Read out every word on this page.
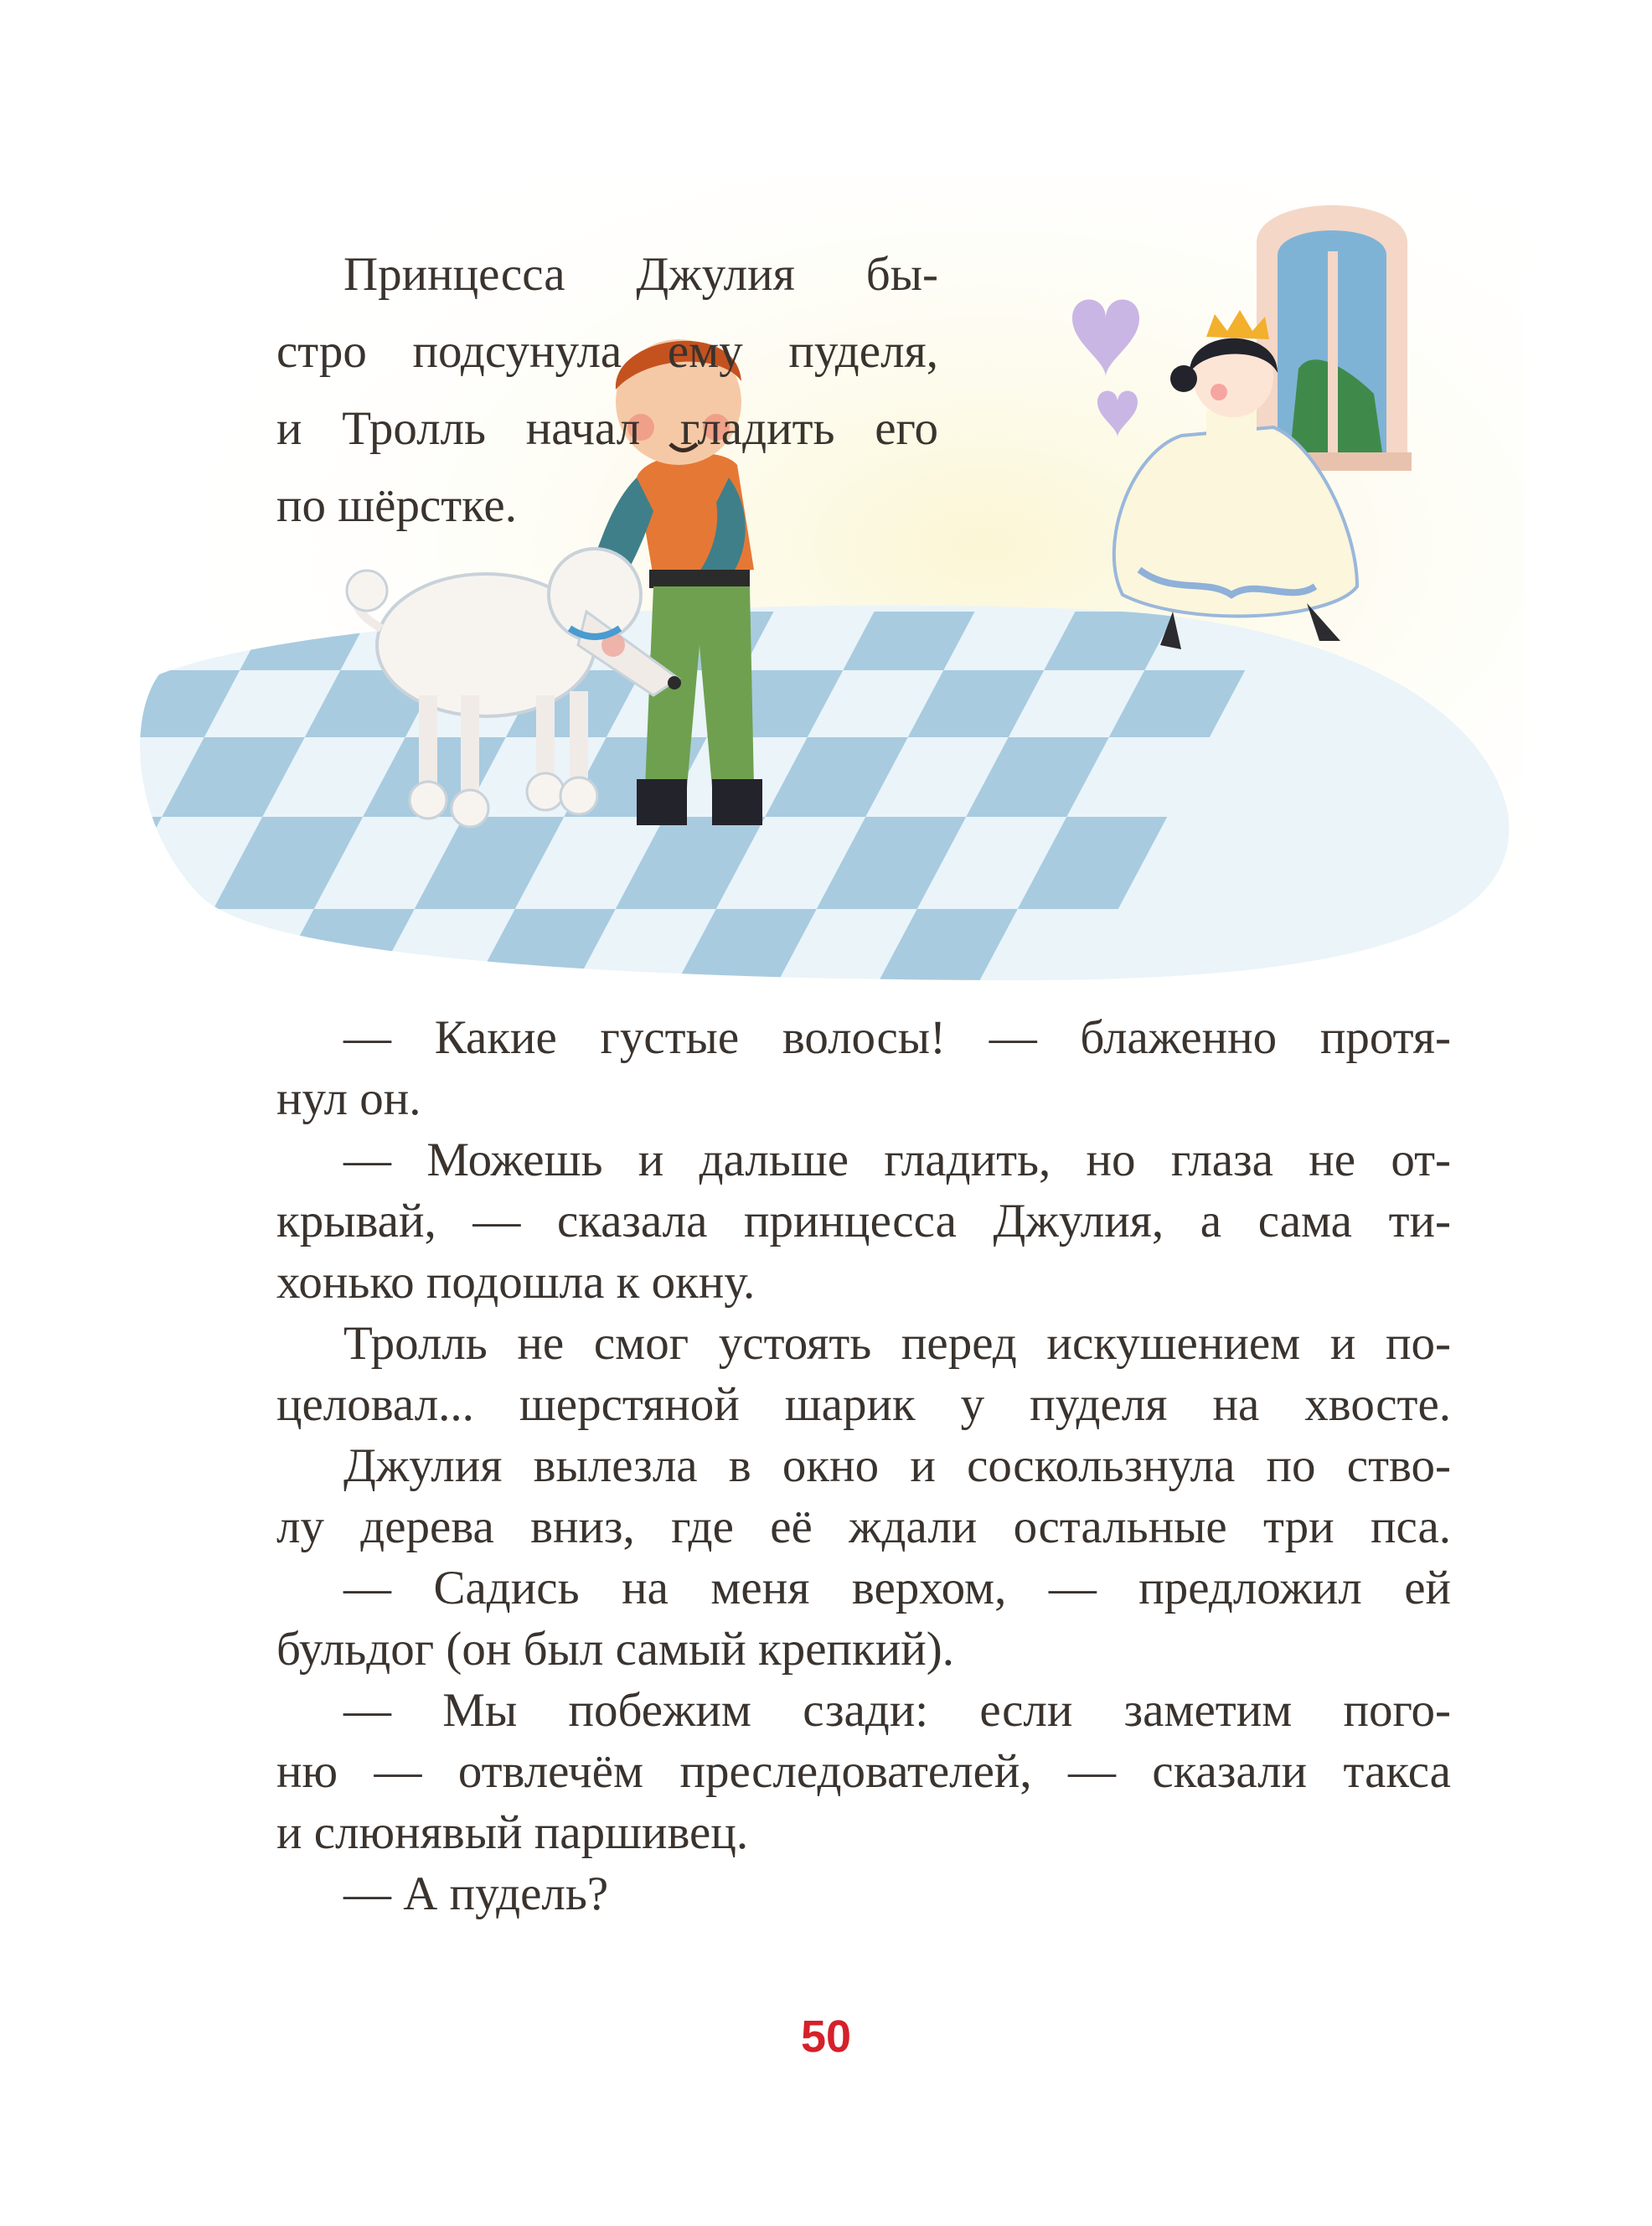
Принцесса Джулия бы-
стро подсунула ему пуделя,
и Тролль начал гладить его
по шёрстке.
— Какие густые волосы! — блаженно протя-
нул он.
— Можешь и дальше гладить, но глаза не от-
крывай, — сказала принцесса Джулия, а сама ти-
хонько подошла к окну.
Тролль не смог устоять перед искушением и по-
целовал... шерстяной шарик у пуделя на хвосте.
Джулия вылезла в окно и соскользнула по ство-
лу дерева вниз, где её ждали остальные три пса.
— Садись на меня верхом, — предложил ей
бульдог (он был самый крепкий).
— Мы побежим сзади: если заметим пого-
ню — отвлечём преследователей, — сказали такса
и слюнявый паршивец.
— А пудель?
50
